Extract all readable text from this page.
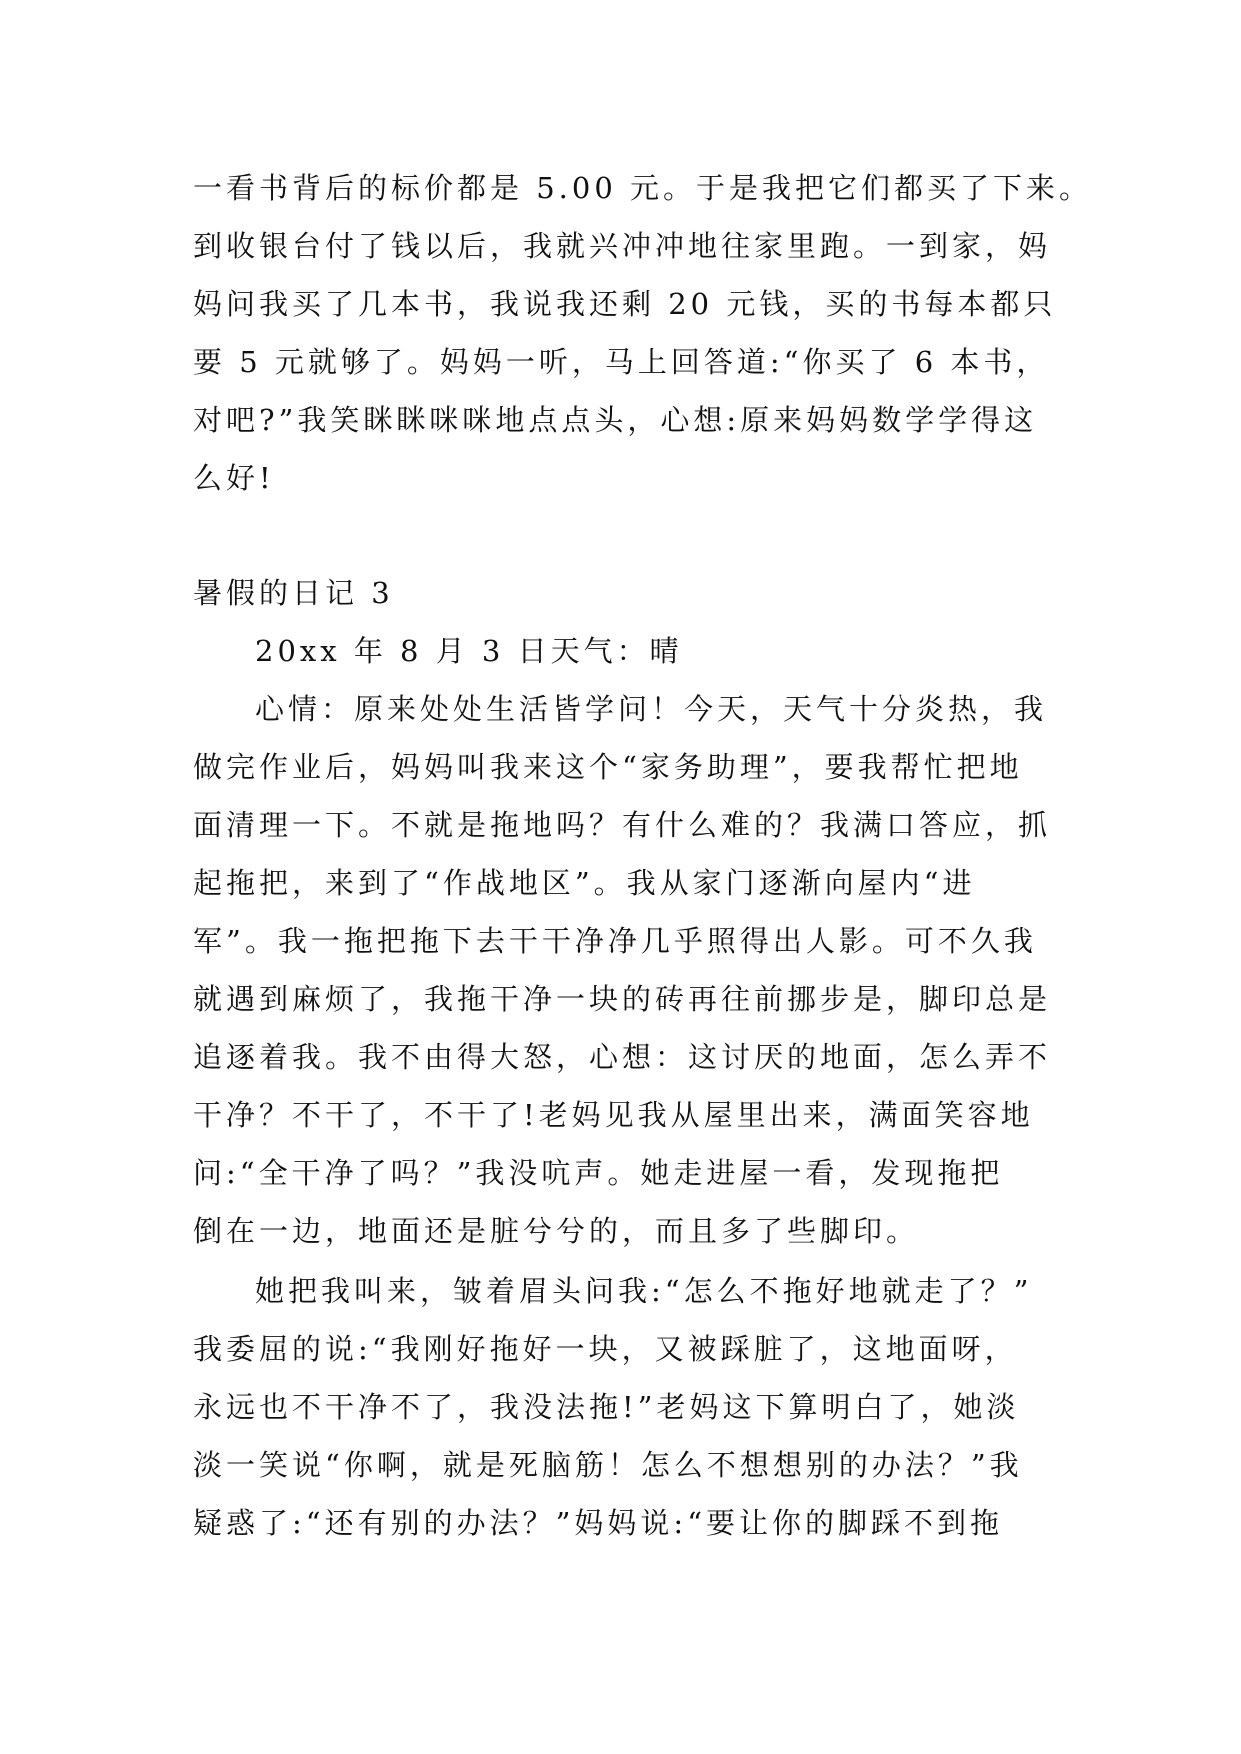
一看书背后的标价都是 5.00 元。于是我把它们都买了下来。
到收银台付了钱以后，我就兴冲冲地往家里跑。一到家，妈
妈问我买了几本书，我说我还剩 20 元钱，买的书每本都只
要 5 元就够了。妈妈一听，马上回答道:“你买了 6 本书，
对吧?”我笑眯眯咪咪地点点头，心想:原来妈妈数学学得这
么好!
暑假的日记 3
20xx 年 8 月 3 日天气：晴
心情：原来处处生活皆学问！今天，天气十分炎热，我
做完作业后，妈妈叫我来这个“家务助理”，要我帮忙把地
面清理一下。不就是拖地吗？有什么难的？我满口答应，抓
起拖把，来到了“作战地区”。我从家门逐渐向屋内“进
军”。我一拖把拖下去干干净净几乎照得出人影。可不久我
就遇到麻烦了，我拖干净一块的砖再往前挪步是，脚印总是
追逐着我。我不由得大怒，心想：这讨厌的地面，怎么弄不
干净？不干了，不干了!老妈见我从屋里出来，满面笑容地
问:“全干净了吗？”我没吭声。她走进屋一看，发现拖把
倒在一边，地面还是脏兮兮的，而且多了些脚印。
她把我叫来，皱着眉头问我:“怎么不拖好地就走了？”
我委屈的说:“我刚好拖好一块，又被踩脏了，这地面呀，
永远也不干净不了，我没法拖!”老妈这下算明白了，她淡
淡一笑说“你啊，就是死脑筋！怎么不想想别的办法？”我
疑惑了:“还有别的办法？”妈妈说:“要让你的脚踩不到拖
